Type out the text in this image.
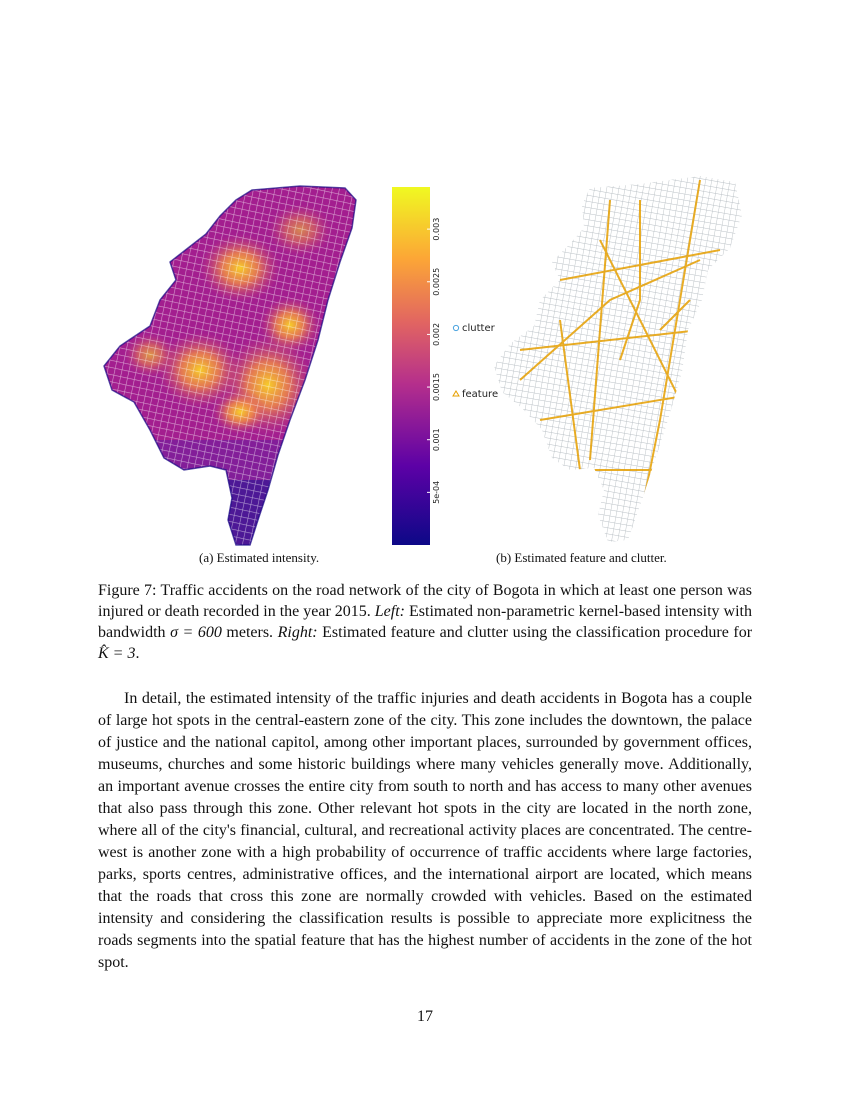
5e-04
0.001
0.0015
0.002
0.0025
0.003
clutter
feature
(a) Estimated intensity.	(b) Estimated feature and clutter.
Figure 7: Traffic accidents on the road network of the city of Bogota in which at least one person was injured or death recorded in the year 2015. Left: Estimated non-parametric kernel-based intensity with bandwidth σ = 600 meters. Right: Estimated feature and clutter using the classification procedure for K̂ = 3.
In detail, the estimated intensity of the traffic injuries and death accidents in Bogota has a couple of large hot spots in the central-eastern zone of the city. This zone includes the downtown, the palace of justice and the national capitol, among other important places, surrounded by government offices, museums, churches and some historic buildings where many vehicles generally move. Additionally, an important avenue crosses the entire city from south to north and has access to many other avenues that also pass through this zone. Other relevant hot spots in the city are located in the north zone, where all of the city's financial, cultural, and recreational activity places are concentrated. The centre-west is another zone with a high probability of occurrence of traffic accidents where large factories, parks, sports centres, administrative offices, and the international airport are located, which means that the roads that cross this zone are normally crowded with vehicles. Based on the estimated intensity and considering the classification results is possible to appreciate more explicitness the roads segments into the spatial feature that has the highest number of accidents in the zone of the hot spot.
17
